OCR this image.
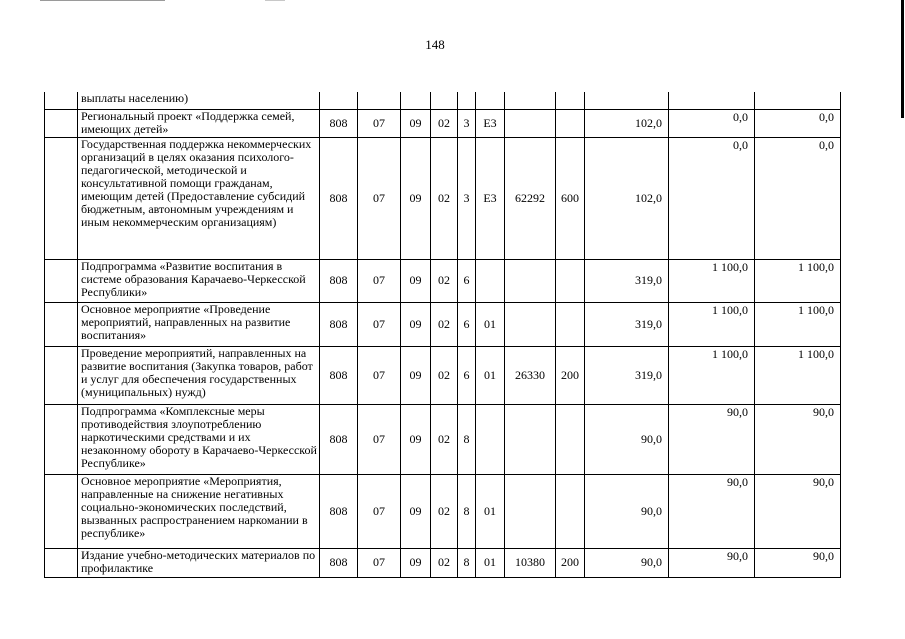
148
	выплаты населению)											
	Региональный проект «Поддержка семей, имеющих детей»	808	07	09	02	3	Е3			102,0	0,0	0,0
	Государственная поддержка некоммерческих организаций в целях оказания психолого-педагогической, методической и консультативной помощи гражданам, имеющим детей (Предоставление субсидий бюджетным, автономным учреждениям и иным некоммерческим организациям)	808	07	09	02	3	Е3	62292	600	102,0	0,0	0,0
	Подпрограмма «Развитие воспитания в системе образования Карачаево-Черкесской Республики»	808	07	09	02	6				319,0	1 100,0	1 100,0
	Основное мероприятие «Проведение мероприятий, направленных на развитие воспитания»	808	07	09	02	6	01			319,0	1 100,0	1 100,0
	Проведение мероприятий, направленных на развитие воспитания (Закупка товаров, работ и услуг для обеспечения государственных (муниципальных) нужд)	808	07	09	02	6	01	26330	200	319,0	1 100,0	1 100,0
	Подпрограмма «Комплексные меры противодействия злоупотреблению наркотическими средствами и их незаконному обороту в Карачаево-Черкесской Республике»	808	07	09	02	8				90,0	90,0	90,0
	Основное мероприятие «Мероприятия, направленные на снижение негативных социально-экономических последствий, вызванных распространением наркомании в республике»	808	07	09	02	8	01			90,0	90,0	90,0
	Издание учебно-методических материалов по профилактике	808	07	09	02	8	01	10380	200	90,0	90,0	90,0
